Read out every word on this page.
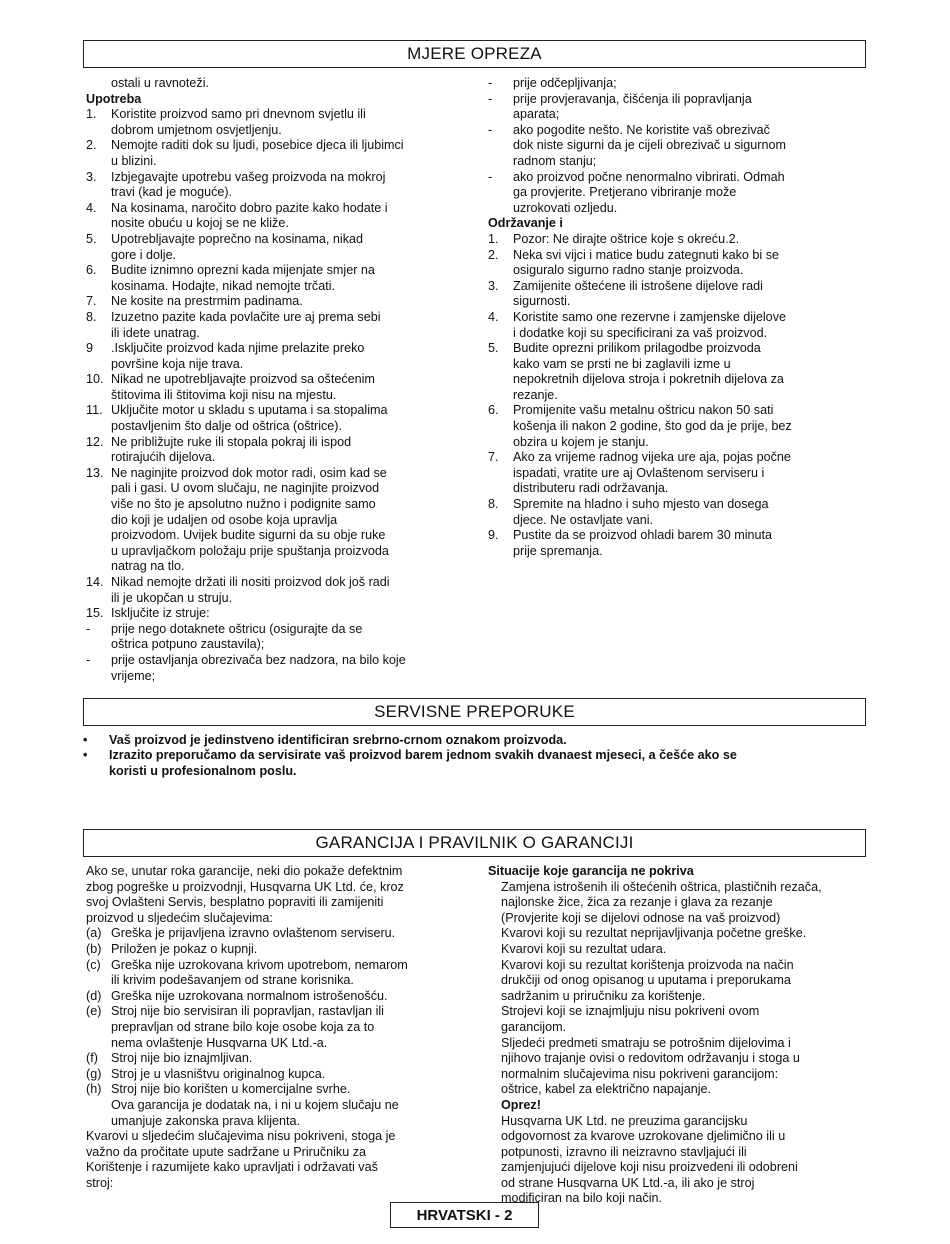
MJERE OPREZA
SERVISNE PREPORUKE
GARANCIJA I PRAVILNIK O GARANCIJI
ostali u ravnoteži.
Upotreba
1.	Koristite proizvod samo pri dnevnom svjetlu ili
dobrom umjetnom osvjetljenju.
2.	Nemojte raditi dok su ljudi, posebice djeca ili ljubimci
u blizini.
3.	Izbjegavajte upotrebu vašeg proizvoda na mokroj
travi (kad je moguće).
4.	Na kosinama, naročito dobro pazite kako hodate i
nosite obuću u kojoj se ne kliže.
5.	Upotrebljavajte poprečno na kosinama, nikad
gore i dolje.
6.	Budite iznimno oprezni kada mijenjate smjer na
kosinama. Hodajte, nikad nemojte trčati.
7.	Ne kosite na prestrmim padinama.
8.	Izuzetno pazite kada povlačite ure aj prema sebi
ili idete unatrag.
9	.Isključite proizvod kada njime prelazite preko
površine koja nije trava.
10. Nikad ne upotrebljavajte proizvod sa oštećenim
štitovima ili štitovima koji nisu na mjestu.
11. Uključite motor u skladu s uputama i sa stopalima
postavljenim što dalje od oštrica (oštrice).
12. Ne približujte ruke ili stopala pokraj ili ispod
rotirajućih dijelova.
13. Ne naginjite proizvod dok motor radi, osim kad se
pali i gasi. U ovom slučaju, ne naginjite proizvod
više no što je apsolutno nužno i podignite samo
dio koji je udaljen od osobe koja upravlja
proizvodom. Uvijek budite sigurni da su obje ruke
u upravljačkom položaju prije spuštanja proizvoda
natrag na tlo.
14. Nikad nemojte držati ili nositi proizvod dok još radi
ili je ukopčan u struju.
15. Isključite iz struje:
-	prije nego dotaknete oštricu (osigurajte da se
oštrica potpuno zaustavila);
-	prije ostavljanja obrezivača bez nadzora, na bilo koje
vrijeme;
-	prije odčepljivanja;
-	prije provjeravanja, čišćenja ili popravljanja
aparata;
-	ako pogodite nešto. Ne koristite vaš obrezivač
dok niste sigurni da je cijeli obrezivač u sigurnom
radnom stanju;
-	ako proizvod počne nenormalno vibrirati. Odmah
ga provjerite. Pretjerano vibriranje može
uzrokovati ozljedu.
Održavanje i
1.	Pozor: Ne dirajte oštrice koje s okreću.2.
2.	Neka svi vijci i matice budu zategnuti kako bi se
osiguralo sigurno radno stanje proizvoda.
3.	Zamijenite oštećene ili istrošene dijelove radi
sigurnosti.
4.	Koristite samo one rezervne i zamjenske dijelove
i dodatke koji su specificirani za vaš proizvod.
5.	Budite oprezni prilikom prilagodbe proizvoda
kako vam se prsti ne bi zaglavili izme u
nepokretnih dijelova stroja i pokretnih dijelova za
rezanje.
6.	Promijenite vašu metalnu oštricu nakon 50 sati
košenja ili nakon 2 godine, što god da je prije, bez
obzira u kojem je stanju.
7.	Ako za vrijeme radnog vijeka ure aja, pojas počne
ispadati, vratite ure aj Ovlaštenom serviseru i
distributeru radi održavanja.
8.	Spremite na hladno i suho mjesto van dosega
djece. Ne ostavljate vani.
9.	Pustite da se proizvod ohladi barem 30 minuta
prije spremanja.
•	Vaš proizvod je jedinstveno identificiran srebrno-crnom oznakom proizvoda.
•	Izrazito preporučamo da servisirate vaš proizvod barem jednom svakih dvanaest mjeseci, a češće ako se
koristi u profesionalnom poslu.
Ako se, unutar roka garancije, neki dio pokaže defektnim
zbog pogreške u proizvodnji, Husqvarna UK Ltd. će, kroz
svoj Ovlašteni Servis, besplatno popraviti ili zamijeniti
proizvod u sljedećim slučajevima:
(a) Greška je prijavljena izravno ovlaštenom serviseru.
(b) Priložen je pokaz o kupnji.
(c) Greška nije uzrokovana krivom upotrebom, nemarom
ili krivim podešavanjem od strane korisnika.
(d) Greška nije uzrokovana normalnom istrošenošću.
(e) Stroj nije bio servisiran ili popravljan, rastavljan ili
prepravljan od strane bilo koje osobe koja za to
nema ovlaštenje Husqvarna UK Ltd.-a.
(f)	Stroj nije bio iznajmljivan.
(g) Stroj je u vlasništvu originalnog kupca.
(h) Stroj nije bio korišten u komercijalne svrhe.
Ova garancija je dodatak na, i ni u kojem slučaju ne
umanjuje zakonska prava klijenta.
Kvarovi u sljedećim slučajevima nisu pokriveni, stoga je
važno da pročitate upute sadržane u Priručniku za
Korištenje i razumijete kako upravljati i održavati vaš
stroj:
Situacije koje garancija ne pokriva
Zamjena istrošenih ili oštećenih oštrica, plastičnih rezača,
najlonske žice, žica za rezanje i glava za rezanje
(Provjerite koji se dijelovi odnose na vaš proizvod)
Kvarovi koji su rezultat neprijavljivanja početne greške.
Kvarovi koji su rezultat udara.
Kvarovi koji su rezultat korištenja proizvoda na način
drukčiji od onog opisanog u uputama i preporukama
sadržanim u priručniku za korištenje.
Strojevi koji se iznajmljuju nisu pokriveni ovom
garancijom.
Sljedeći predmeti smatraju se potrošnim dijelovima i
njihovo trajanje ovisi o redovitom održavanju i stoga u
normalnim slučajevima nisu pokriveni garancijom:
oštrice, kabel za električno napajanje.
Oprez!
Husqvarna UK Ltd. ne preuzima garancijsku
odgovornost za kvarove uzrokovane djelimično ili u
potpunosti, izravno ili neizravno stavljajući ili
zamjenjujući dijelove koji nisu proizvedeni ili odobreni
od strane Husqvarna UK Ltd.-a, ili ako je stroj
modificiran na bilo koji način.
HRVATSKI - 2
